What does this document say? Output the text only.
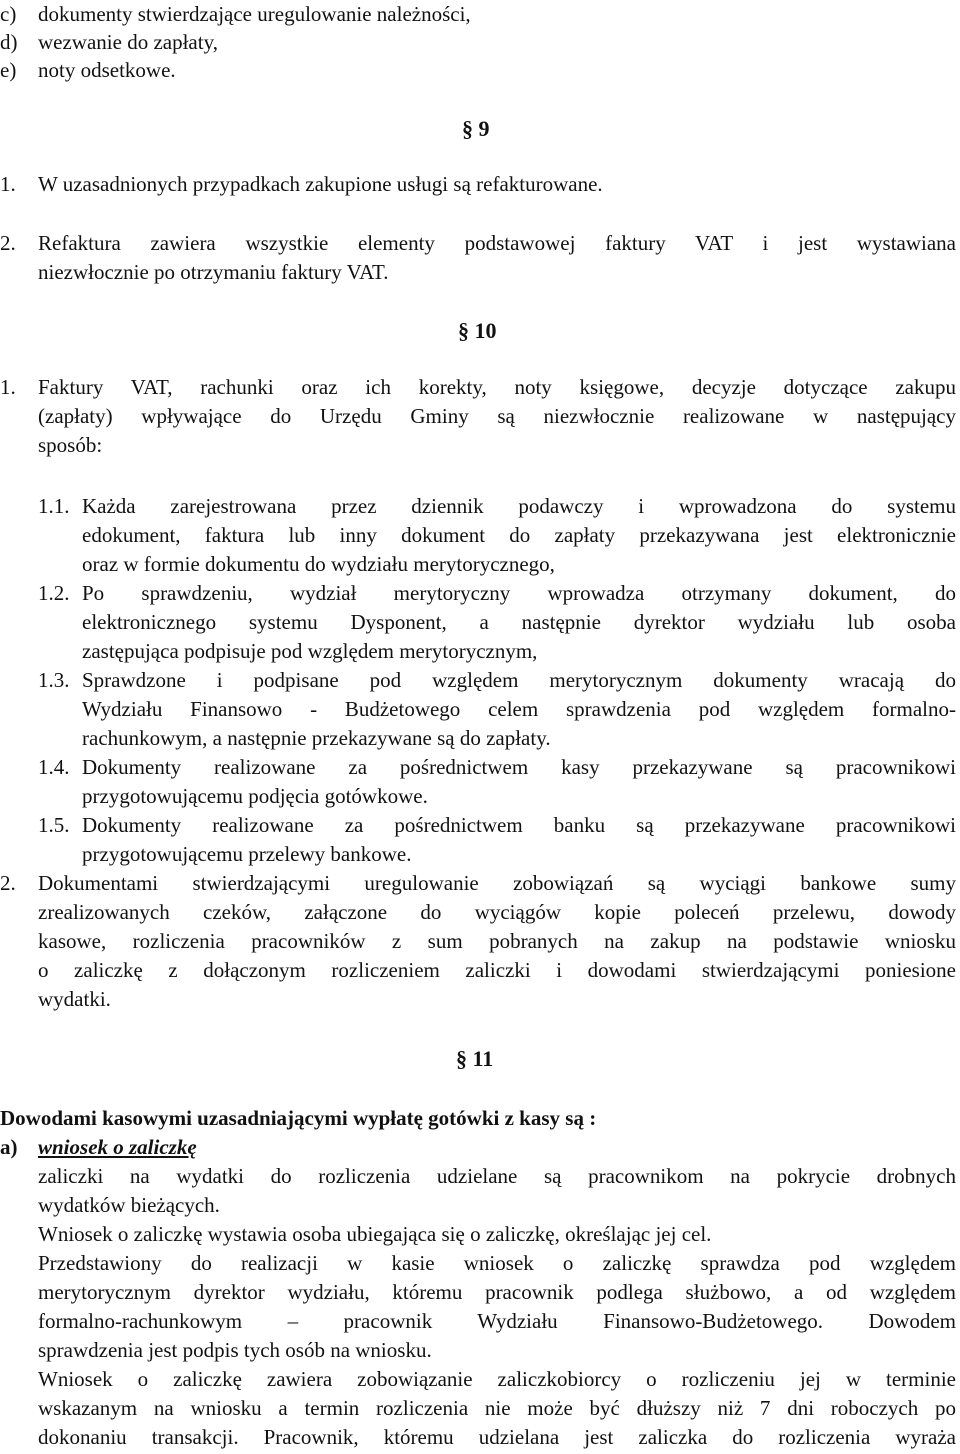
c) dokumenty stwierdzające uregulowanie należności,
d) wezwanie do zapłaty,
e) noty odsetkowe.
§ 9
1. W uzasadnionych przypadkach zakupione usługi są refakturowane.
2. Refaktura zawiera wszystkie elementy podstawowej faktury VAT i jest wystawiana
niezwłocznie po otrzymaniu faktury VAT.
§ 10
1. Faktury VAT, rachunki oraz ich korekty, noty księgowe, decyzje dotyczące zakupu
(zapłaty) wpływające do Urzędu Gminy są niezwłocznie realizowane w następujący
sposób:
1.1. Każda zarejestrowana przez dziennik podawczy i wprowadzona do systemu
edokument, faktura lub inny dokument do zapłaty przekazywana jest elektronicznie
oraz w formie dokumentu do wydziału merytorycznego,
1.2. Po sprawdzeniu, wydział merytoryczny wprowadza otrzymany dokument, do
elektronicznego systemu Dysponent, a następnie dyrektor wydziału lub osoba
zastępująca podpisuje pod względem merytorycznym,
1.3. Sprawdzone i podpisane pod względem merytorycznym dokumenty wracają do
Wydziału Finansowo - Budżetowego celem sprawdzenia pod względem formalno-
rachunkowym, a następnie przekazywane są do zapłaty.
1.4. Dokumenty realizowane za pośrednictwem kasy przekazywane są pracownikowi
przygotowującemu podjęcia gotówkowe.
1.5. Dokumenty realizowane za pośrednictwem banku są przekazywane pracownikowi
przygotowującemu przelewy bankowe.
2. Dokumentami stwierdzającymi uregulowanie zobowiązań są wyciągi bankowe sumy
zrealizowanych czeków, załączone do wyciągów kopie poleceń przelewu, dowody
kasowe, rozliczenia pracowników z sum pobranych na zakup na podstawie wniosku
o zaliczkę z dołączonym rozliczeniem zaliczki i dowodami stwierdzającymi poniesione
wydatki.
§ 11
Dowodami kasowymi uzasadniającymi wypłatę gotówki z kasy są :
a) wniosek o zaliczkę
zaliczki na wydatki do rozliczenia udzielane są pracownikom na pokrycie drobnych
wydatków bieżących.
Wniosek o zaliczkę wystawia osoba ubiegająca się o zaliczkę, określając jej cel.
Przedstawiony do realizacji w kasie wniosek o zaliczkę sprawdza pod względem
merytorycznym dyrektor wydziału, któremu pracownik podlega służbowo, a od względem
formalno-rachunkowym – pracownik Wydziału Finansowo-Budżetowego. Dowodem
sprawdzenia jest podpis tych osób na wniosku.
Wniosek o zaliczkę zawiera zobowiązanie zaliczkobiorcy o rozliczeniu jej w terminie
wskazanym na wniosku a termin rozliczenia nie może być dłuższy niż 7 dni roboczych po
dokonaniu transakcji. Pracownik, któremu udzielana jest zaliczka do rozliczenia wyraża
